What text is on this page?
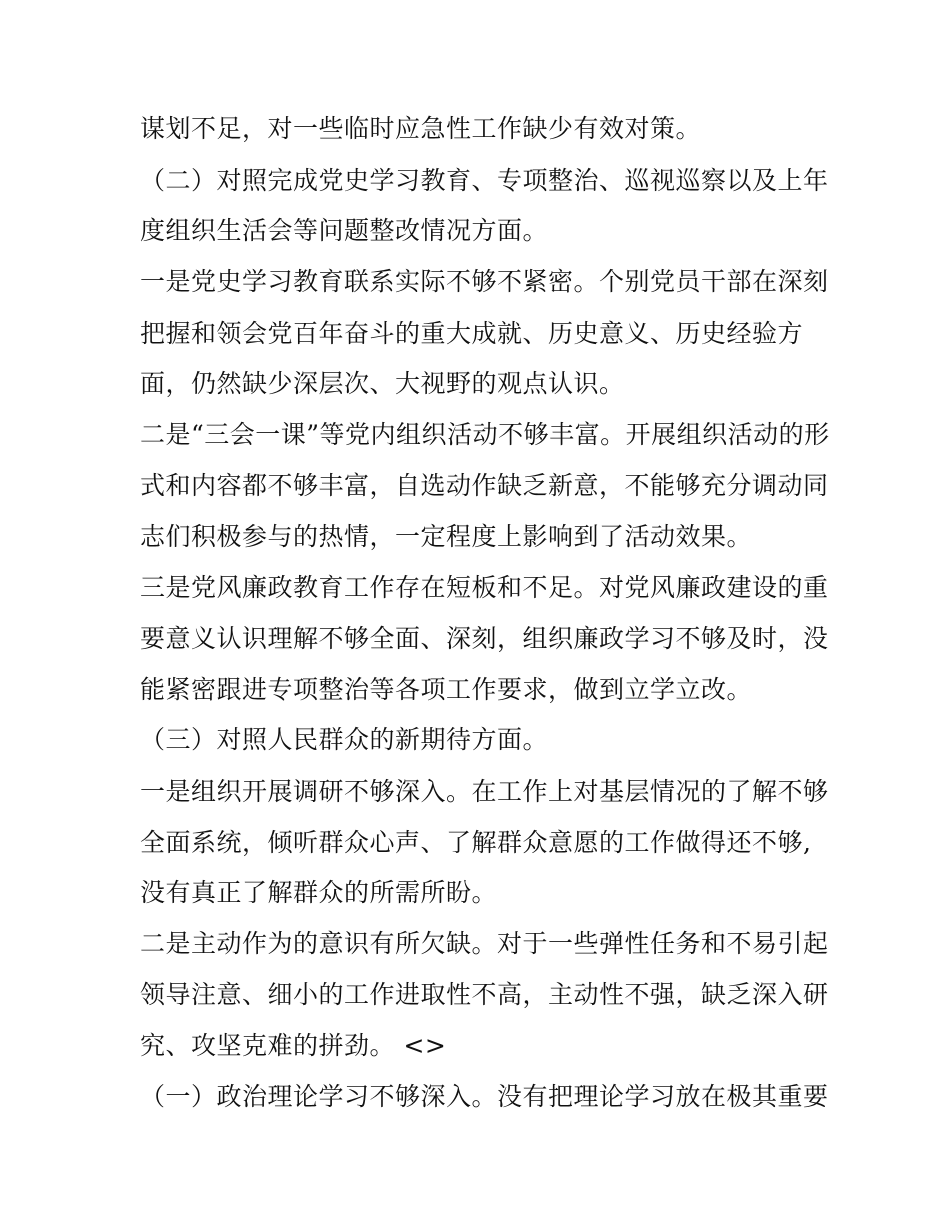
谋划不足，对一些临时应急性工作缺少有效对策。
（二）对照完成党史学习教育、专项整治、巡视巡察以及上年
度组织生活会等问题整改情况方面。
一是党史学习教育联系实际不够不紧密。个别党员干部在深刻
把握和领会党百年奋斗的重大成就、历史意义、历史经验方
面，仍然缺少深层次、大视野的观点认识。
二是“三会一课”等党内组织活动不够丰富。开展组织活动的形
式和内容都不够丰富，自选动作缺乏新意，不能够充分调动同
志们积极参与的热情，一定程度上影响到了活动效果。
三是党风廉政教育工作存在短板和不足。对党风廉政建设的重
要意义认识理解不够全面、深刻，组织廉政学习不够及时，没
能紧密跟进专项整治等各项工作要求，做到立学立改。
（三）对照人民群众的新期待方面。
一是组织开展调研不够深入。在工作上对基层情况的了解不够
全面系统，倾听群众心声、了解群众意愿的工作做得还不够,
没有真正了解群众的所需所盼。
二是主动作为的意识有所欠缺。对于一些弹性任务和不易引起
领导注意、细小的工作进取性不高，主动性不强，缺乏深入研
究、攻坚克难的拼劲。 <>
（一）政治理论学习不够深入。没有把理论学习放在极其重要
